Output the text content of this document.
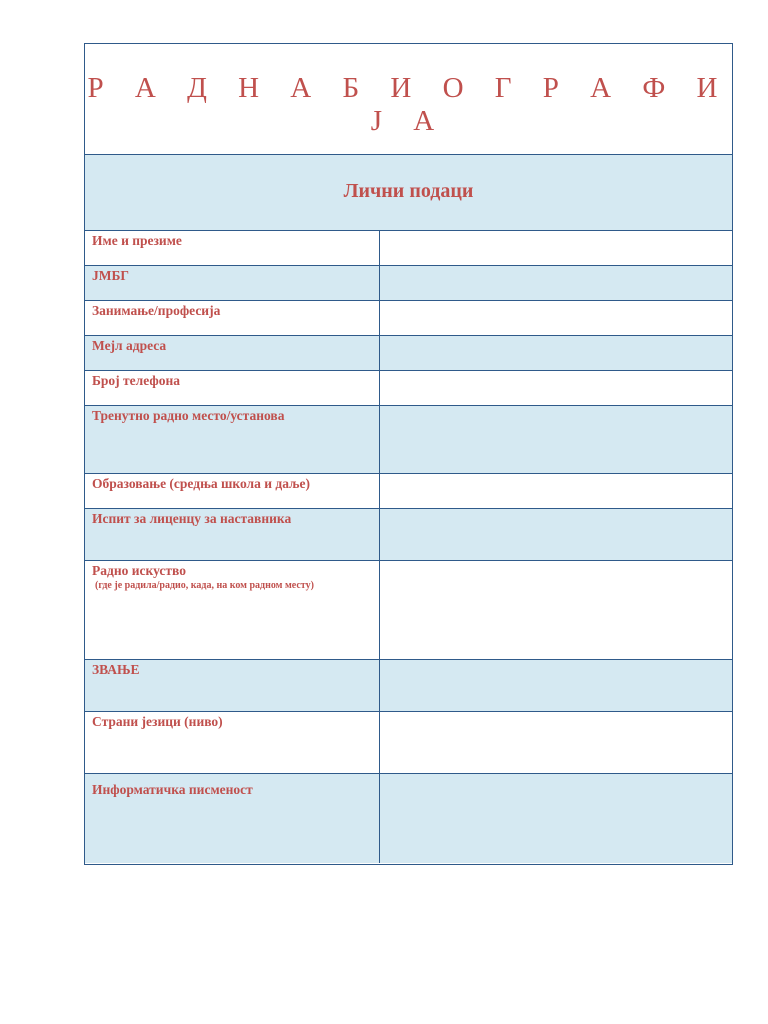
Р А Д Н А Б И О Г Р А Ф И Ј А
Лични подаци
Име и презиме
ЈМБГ
Занимање/професија
Мејл адреса
Број телефона
Тренутно радно место/установа
Образовање (средња школа и даље)
Испит за лиценцу за наставника
Радно искуство
(где је радила/радио, када, на ком радном месту)
ЗВАЊЕ
Страни језици (ниво)
Информатичка писменост
